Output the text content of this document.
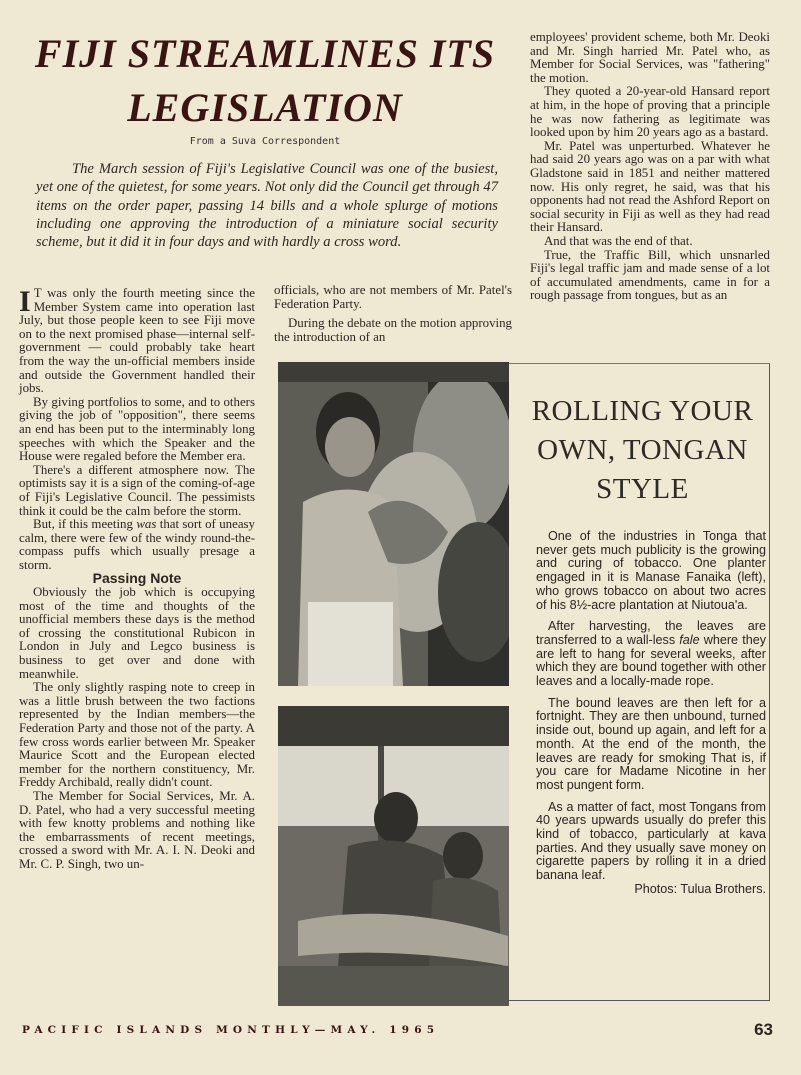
FIJI STREAMLINES ITS
LEGISLATION
From a Suva Correspondent
The March session of Fiji's Legislative Council was one of the busiest, yet one of the quietest, for some years. Not only did the Council get through 47 items on the order paper, passing 14 bills and a whole splurge of motions including one approving the introduction of a miniature social security scheme, but it did it in four days and with hardly a cross word.

I T was only the fourth meeting since the Member System came into operation last July, but those people keen to see Fiji move on to the next promised phase—internal self-government — could probably take heart from the way the un-official members inside and outside the Government handled their jobs.

By giving portfolios to some, and to others giving the job of "opposition", there seems an end has been put to the interminably long speeches with which the Speaker and the House were regaled before the Member era.

There's a different atmosphere now. The optimists say it is a sign of the coming-of-age of Fiji's Legislative Council. The pessimists think it could be the calm before the storm.

But, if this meeting was that sort of uneasy calm, there were few of the windy round-the-compass puffs which usually presage a storm.

Passing Note

Obviously the job which is occupying most of the time and thoughts of the unofficial members these days is the method of crossing the constitutional Rubicon in London in July and Legco business is business to get over and done with meanwhile.

The only slightly rasping note to creep in was a little brush between the two factions represented by the Indian members—the Federation Party and those not of the party. A few cross words earlier between Mr. Speaker Maurice Scott and the European elected member for the northern constituency, Mr. Freddy Archibald, really didn't count.

The Member for Social Services, Mr. A. D. Patel, who had a very successful meeting with few knotty problems and nothing like the embarrassments of recent meetings, crossed a sword with Mr. A. I. N. Deoki and Mr. C. P. Singh, two un-

officials, who are not members of Mr. Patel's Federation Party.

During the debate on the motion approving the introduction of an

employees' provident scheme, both Mr. Deoki and Mr. Singh harried Mr. Patel who, as Member for Social Services, was "fathering" the motion.

They quoted a 20-year-old Hansard report at him, in the hope of proving that a principle he was now fathering as legitimate was looked upon by him 20 years ago as a bastard.

Mr. Patel was unperturbed. Whatever he had said 20 years ago was on a par with what Gladstone said in 1851 and neither mattered now. His only regret, he said, was that his opponents had not read the Ashford Report on social security in Fiji as well as they had read their Hansard.

And that was the end of that.

True, the Traffic Bill, which unsnarled Fiji's legal traffic jam and made sense of a lot of accumulated amendments, came in for a rough passage from tongues, but as an

ROLLING YOUR
OWN, TONGAN
STYLE

One of the industries in Tonga that never gets much publicity is the growing and curing of tobacco. One planter engaged in it is Manase Fanaika (left), who grows tobacco on about two acres of his 8½-acre plantation at Niutoua'a.

After harvesting, the leaves are transferred to a wall-less fale where they are left to hang for several weeks, after which they are bound together with other leaves and a locally-made rope.

The bound leaves are then left for a fortnight. They are then unbound, turned inside out, bound up again, and left for a month. At the end of the month, the leaves are ready for smoking That is, if you care for Madame Nicotine in her most pungent form.

As a matter of fact, most Tongans from 40 years upwards usually do prefer this kind of tobacco, particularly at kava parties. And they usually save money on cigarette papers by rolling it in a dried banana leaf.

Photos: Tulua Brothers.

PACIFIC ISLANDS MONTHLY—MAY. 1965	63
